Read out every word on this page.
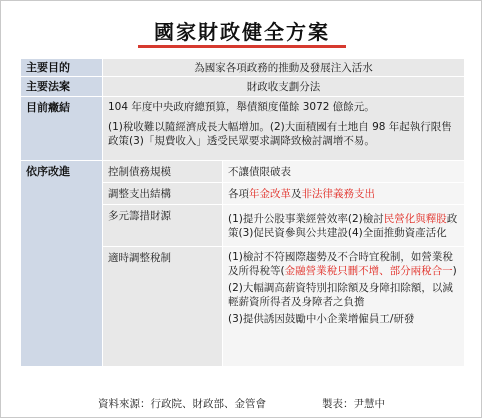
國家財政健全方案
主要目的	為國家各項政務的推動及發展注入活水	
主要法案	財政收支劃分法	
目前癥結	104 年度中央政府總預算，舉債額度僅餘 3072 億餘元。
(1)稅收難以隨經濟成長大幅增加。(2)大面積國有土地自 98 年起執行限售政策(3)「規費收入」透受民眾要求調降致檢討調增不易。	

依序改進	控制債務規模	不讓債限破表
	調整支出結構	各項年金改革及非法律義務支出
	多元籌措財源	(1)提升公股事業經營效率(2)檢討民營化與釋股政策(3)促民資參與公共建設(4)全面推動資產活化
	適時調整稅制	(1)檢討不符國際趨勢及不合時宜稅制，如營業稅及所得稅等(金融營業稅只刪不增、部分兩稅合一)
(2)大幅調高薪資特別扣除額及身障扣除額，以減輕薪資所得者及身障者之負擔
(3)提供誘因鼓勵中小企業增僱員工/研發
資料來源：行政院、財政部、金管會	製表：尹慧中
